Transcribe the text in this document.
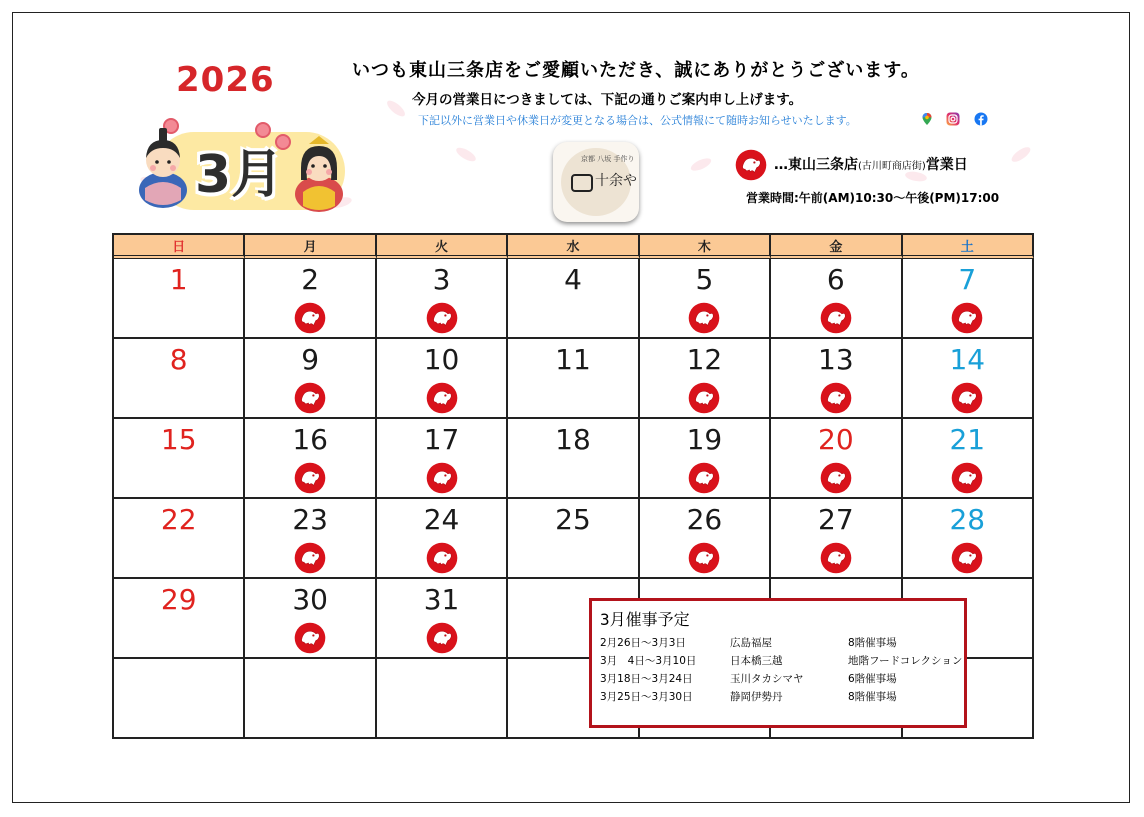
2026
3月
いつも東山三条店をご愛顧いただき、誠にありがとうございます。
今月の営業日につきましては、下記の通りご案内申し上げます。
下記以外に営業日や休業日が変更となる場合は、公式情報にて随時お知らせいたします。
京都 八坂 手作り
十余や
…東山三条店(古川町商店街)営業日
営業時間:午前(AM)10:30～午後(PM)17:00
日	月	火	水	木	金	土

1	2	3	4	5	6	7

8	9	10	11	12	13	14

15	16	17	18	19	20	21

22	23	24	25	26	27	28

29	30	31				

3月催事予定
2月26日～3月3日	広島福屋	8階催事場
3月　4日～3月10日	日本橋三越	地階フードコレクション
3月18日～3月24日	玉川タカシマヤ	6階催事場
3月25日～3月30日	静岡伊勢丹	8階催事場
